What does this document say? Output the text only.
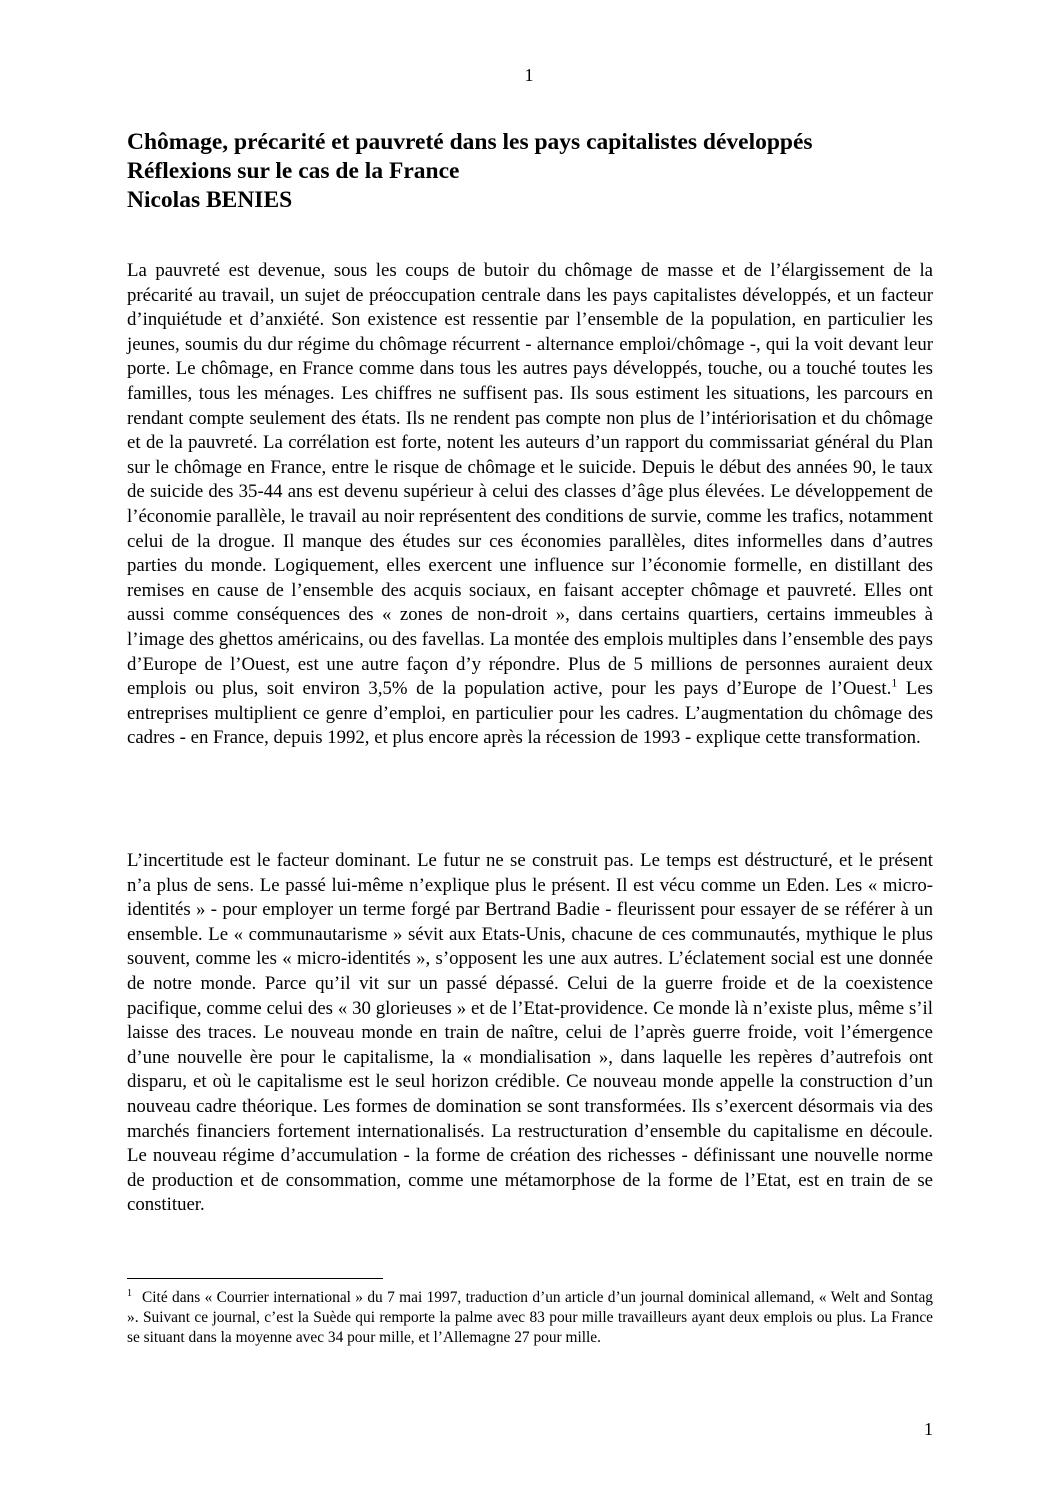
1
Chômage, précarité et pauvreté dans les pays capitalistes développés
Réflexions sur le cas de la France
Nicolas BENIES

La pauvreté est devenue, sous les coups de butoir du chômage de masse et de l’élargissement de la précarité au travail, un sujet de préoccupation centrale dans les pays capitalistes développés, et un facteur d’inquiétude et d’anxiété. Son existence est ressentie par l’ensemble de la population, en particulier les jeunes, soumis du dur régime du chômage récurrent - alternance emploi/chômage -, qui la voit devant leur porte. Le chômage, en France comme dans tous les autres pays développés, touche, ou a touché toutes les familles, tous les ménages. Les chiffres ne suffisent pas. Ils sous estiment les situations, les parcours en rendant compte seulement des états. Ils ne rendent pas compte non plus de l’intériorisation et du chômage et de la pauvreté. La corrélation est forte, notent les auteurs d’un rapport du commissariat général du Plan sur le chômage en France, entre le risque de chômage et le suicide. Depuis le début des années 90, le taux de suicide des 35-44 ans est devenu supérieur à celui des classes d’âge plus élevées. Le développement de l’économie parallèle, le travail au noir représentent des conditions de survie, comme les trafics, notamment celui de la drogue. Il manque des études sur ces économies parallèles, dites informelles dans d’autres parties du monde. Logiquement, elles exercent une influence sur l’économie formelle, en distillant des remises en cause de l’ensemble des acquis sociaux, en faisant accepter chômage et pauvreté. Elles ont aussi comme conséquences des « zones de non-droit », dans certains quartiers, certains immeubles à l’image des ghettos américains, ou des favellas. La montée des emplois multiples dans l’ensemble des pays d’Europe de l’Ouest, est une autre façon d’y répondre. Plus de 5 millions de personnes auraient deux emplois ou plus, soit environ 3,5% de la population active, pour les pays d’Europe de l’Ouest.$^1$ Les entreprises multiplient ce genre d’emploi, en particulier pour les cadres. L’augmentation du chômage des cadres - en France, depuis 1992, et plus encore après la récession de 1993 - explique cette transformation.

L’incertitude est le facteur dominant. Le futur ne se construit pas. Le temps est déstructuré, et le présent n’a plus de sens. Le passé lui-même n’explique plus le présent. Il est vécu comme un Eden. Les « micro-identités » - pour employer un terme forgé par Bertrand Badie - fleurissent pour essayer de se référer à un ensemble. Le « communautarisme » sévit aux Etats-Unis, chacune de ces communautés, mythique le plus souvent, comme les « micro-identités », s’opposent les une aux autres. L’éclatement social est une donnée de notre monde. Parce qu’il vit sur un passé dépassé. Celui de la guerre froide et de la coexistence pacifique, comme celui des « 30 glorieuses » et de l’Etat-providence. Ce monde là n’existe plus, même s’il laisse des traces. Le nouveau monde en train de naître, celui de l’après guerre froide, voit l’émergence d’une nouvelle ère pour le capitalisme, la « mondialisation », dans laquelle les repères d’autrefois ont disparu, et où le capitalisme est le seul horizon crédible. Ce nouveau monde appelle la construction d’un nouveau cadre théorique. Les formes de domination se sont transformées. Ils s’exercent désormais via des marchés financiers fortement internationalisés. La restructuration d’ensemble du capitalisme en découle. Le nouveau régime d’accumulation - la forme de création des richesses - définissant une nouvelle norme de production et de consommation, comme une métamorphose de la forme de l’Etat, est en train de se constituer.

$^1$ Cité dans « Courrier international » du 7 mai 1997, traduction d’un article d’un journal dominical allemand, « Welt and Sontag ». Suivant ce journal, c’est la Suède qui remporte la palme avec 83 pour mille travailleurs ayant deux emplois ou plus. La France se situant dans la moyenne avec 34 pour mille, et l’Allemagne 27 pour mille.

1
